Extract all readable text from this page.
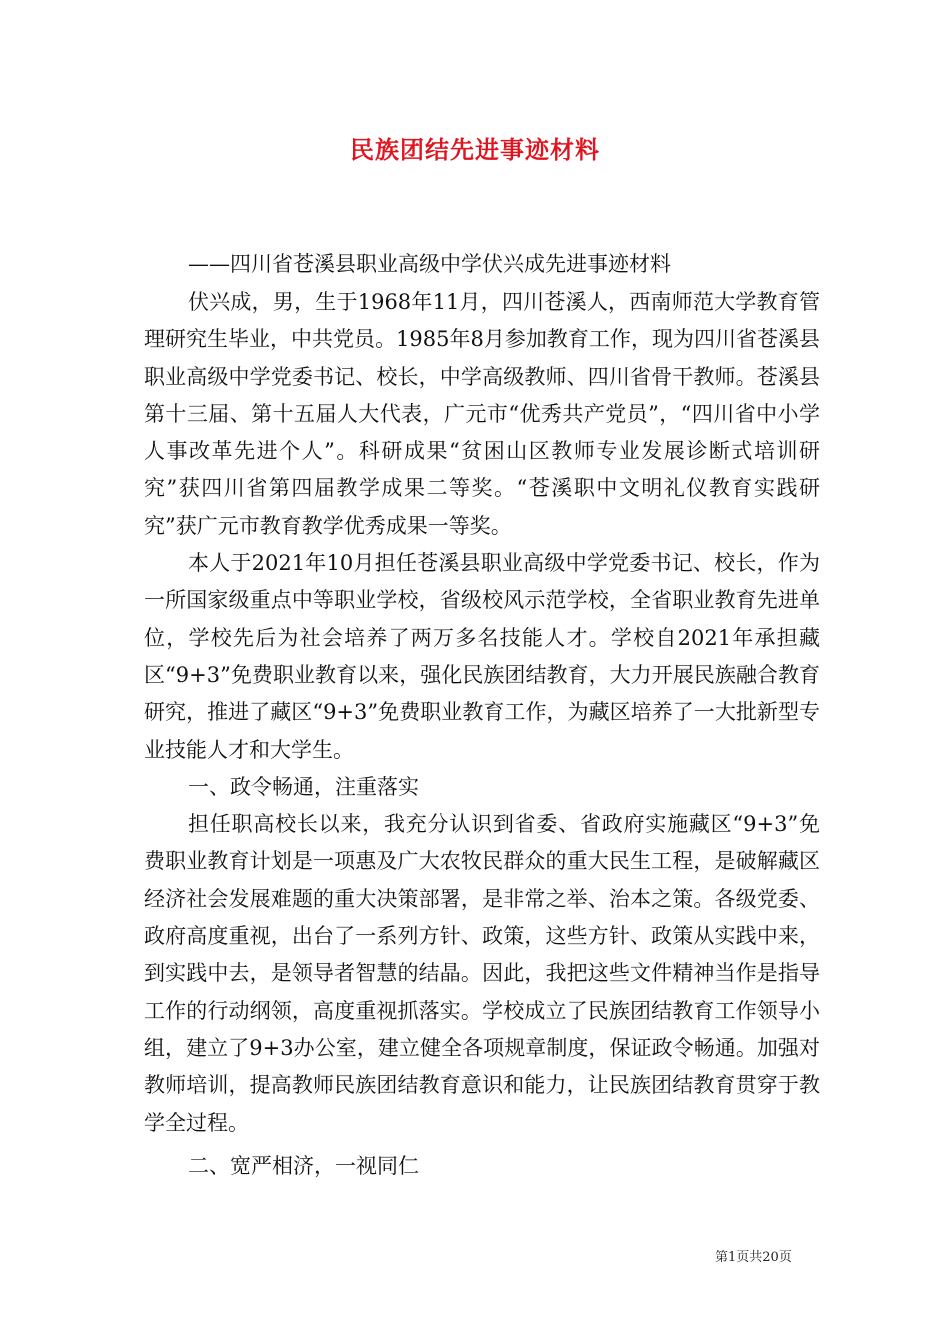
民族团结先进事迹材料
——四川省苍溪县职业高级中学伏兴成先进事迹材料

伏兴成，男，生于1968年11月，四川苍溪人，西南师范大学教育管理研究生毕业，中共党员。1985年8月参加教育工作，现为四川省苍溪县职业高级中学党委书记、校长，中学高级教师、四川省骨干教师。苍溪县第十三届、第十五届人大代表，广元市“优秀共产党员”，“四川省中小学人事改革先进个人”。科研成果“贫困山区教师专业发展诊断式培训研究”获四川省第四届教学成果二等奖。“苍溪职中文明礼仪教育实践研究”获广元市教育教学优秀成果一等奖。

本人于2021年10月担任苍溪县职业高级中学党委书记、校长，作为一所国家级重点中等职业学校，省级校风示范学校，全省职业教育先进单位，学校先后为社会培养了两万多名技能人才。学校自2021年承担藏区“9+3”免费职业教育以来，强化民族团结教育，大力开展民族融合教育研究，推进了藏区“9+3”免费职业教育工作，为藏区培养了一大批新型专业技能人才和大学生。

一、政令畅通，注重落实

担任职高校长以来，我充分认识到省委、省政府实施藏区“9+3”免费职业教育计划是一项惠及广大农牧民群众的重大民生工程，是破解藏区经济社会发展难题的重大决策部署，是非常之举、治本之策。各级党委、政府高度重视，出台了一系列方针、政策，这些方针、政策从实践中来，到实践中去，是领导者智慧的结晶。因此，我把这些文件精神当作是指导工作的行动纲领，高度重视抓落实。学校成立了民族团结教育工作领导小组，建立了9+3办公室，建立健全各项规章制度，保证政令畅通。加强对教师培训，提高教师民族团结教育意识和能力，让民族团结教育贯穿于教学全过程。

二、宽严相济，一视同仁

第1页共20页
